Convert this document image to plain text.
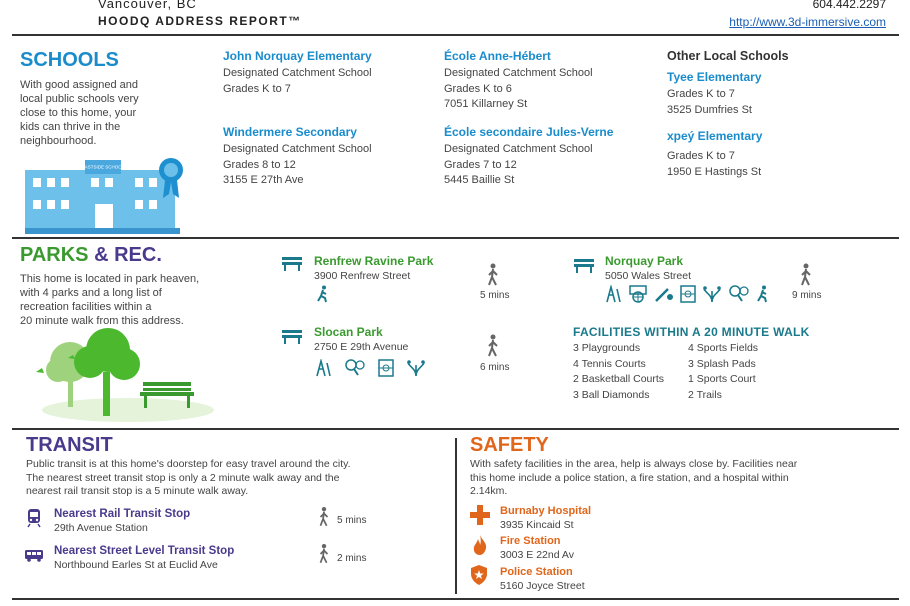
Vancouver, BC
HOODQ ADDRESS REPORT™
604.442.2297
http://www.3d-immersive.com
SCHOOLS
With good assigned and
local public schools very
close to this home, your
kids can thrive in the
neighbourhood.
EASTSIDE SCHOOL
John Norquay Elementary
Designated Catchment School
Grades K to 7
École Anne-Hébert
Designated Catchment School
Grades K to 6
7051 Killarney St
Windermere Secondary
Designated Catchment School
Grades 8 to 12
3155 E 27th Ave
École secondaire Jules-Verne
Designated Catchment School
Grades 7 to 12
5445 Baillie St
Other Local Schools
Tyee Elementary
Grades K to 7
3525 Dumfries St
xpeý Elementary
Grades K to 7
1950 E Hastings St
PARKS & REC.
This home is located in park heaven,
with 4 parks and a long list of
recreation facilities within a
20 minute walk from this address.
Renfrew Ravine Park
3900 Renfrew Street
5 mins
Norquay Park
5050 Wales Street
9 mins
Slocan Park
2750 E 29th Avenue
6 mins
FACILITIES WITHIN A 20 MINUTE WALK
3 Playgrounds
4 Tennis Courts
2 Basketball Courts
3 Ball Diamonds
4 Sports Fields
3 Splash Pads
1 Sports Court
2 Trails
TRANSIT
Public transit is at this home's doorstep for easy travel around the city.
The nearest street transit stop is only a 2 minute walk away and the
nearest rail transit stop is a 5 minute walk away.
Nearest Rail Transit Stop
29th Avenue Station
5 mins
Nearest Street Level Transit Stop
Northbound Earles St at Euclid Ave
2 mins
SAFETY
With safety facilities in the area, help is always close by. Facilities near
this home include a police station, a fire station, and a hospital within
2.14km.
Burnaby Hospital
3935 Kincaid St
Fire Station
3003 E 22nd Av
Police Station
5160 Joyce Street
